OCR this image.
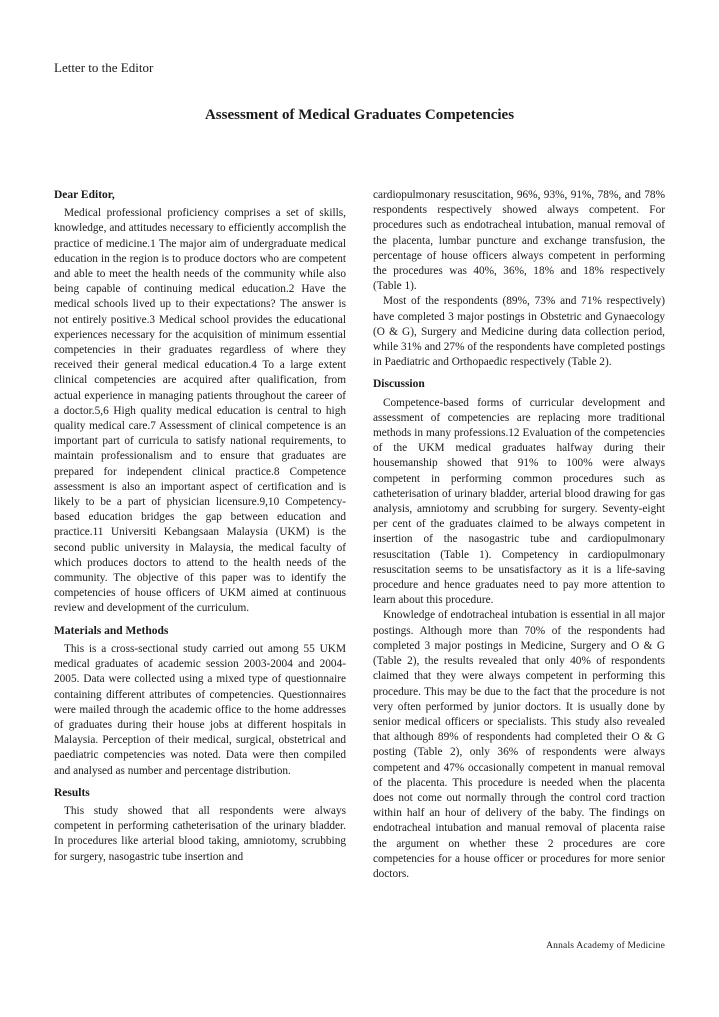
Letter to the Editor
Assessment of Medical Graduates Competencies
Dear Editor,

Medical professional proficiency comprises a set of skills, knowledge, and attitudes necessary to efficiently accomplish the practice of medicine.1 The major aim of undergraduate medical education in the region is to produce doctors who are competent and able to meet the health needs of the community while also being capable of continuing medical education.2 Have the medical schools lived up to their expectations? The answer is not entirely positive.3 Medical school provides the educational experiences necessary for the acquisition of minimum essential competencies in their graduates regardless of where they received their general medical education.4 To a large extent clinical competencies are acquired after qualification, from actual experience in managing patients throughout the career of a doctor.5,6 High quality medical education is central to high quality medical care.7 Assessment of clinical competence is an important part of curricula to satisfy national requirements, to maintain professionalism and to ensure that graduates are prepared for independent clinical practice.8 Competence assessment is also an important aspect of certification and is likely to be a part of physician licensure.9,10 Competency-based education bridges the gap between education and practice.11 Universiti Kebangsaan Malaysia (UKM) is the second public university in Malaysia, the medical faculty of which produces doctors to attend to the health needs of the community. The objective of this paper was to identify the competencies of house officers of UKM aimed at continuous review and development of the curriculum.

Materials and Methods

This is a cross-sectional study carried out among 55 UKM medical graduates of academic session 2003-2004 and 2004-2005. Data were collected using a mixed type of questionnaire containing different attributes of competencies. Questionnaires were mailed through the academic office to the home addresses of graduates during their house jobs at different hospitals in Malaysia. Perception of their medical, surgical, obstetrical and paediatric competencies was noted. Data were then compiled and analysed as number and percentage distribution.

Results

This study showed that all respondents were always competent in performing catheterisation of the urinary bladder. In procedures like arterial blood taking, amniotomy, scrubbing for surgery, nasogastric tube insertion and

cardiopulmonary resuscitation, 96%, 93%, 91%, 78%, and 78% respondents respectively showed always competent. For procedures such as endotracheal intubation, manual removal of the placenta, lumbar puncture and exchange transfusion, the percentage of house officers always competent in performing the procedures was 40%, 36%, 18% and 18% respectively (Table 1).

Most of the respondents (89%, 73% and 71% respectively) have completed 3 major postings in Obstetric and Gynaecology (O & G), Surgery and Medicine during data collection period, while 31% and 27% of the respondents have completed postings in Paediatric and Orthopaedic respectively (Table 2).

Discussion

Competence-based forms of curricular development and assessment of competencies are replacing more traditional methods in many professions.12 Evaluation of the competencies of the UKM medical graduates halfway during their housemanship showed that 91% to 100% were always competent in performing common procedures such as catheterisation of urinary bladder, arterial blood drawing for gas analysis, amniotomy and scrubbing for surgery. Seventy-eight per cent of the graduates claimed to be always competent in insertion of the nasogastric tube and cardiopulmonary resuscitation (Table 1). Competency in cardiopulmonary resuscitation seems to be unsatisfactory as it is a life-saving procedure and hence graduates need to pay more attention to learn about this procedure.

Knowledge of endotracheal intubation is essential in all major postings. Although more than 70% of the respondents had completed 3 major postings in Medicine, Surgery and O & G (Table 2), the results revealed that only 40% of respondents claimed that they were always competent in performing this procedure. This may be due to the fact that the procedure is not very often performed by junior doctors. It is usually done by senior medical officers or specialists. This study also revealed that although 89% of respondents had completed their O & G posting (Table 2), only 36% of respondents were always competent and 47% occasionally competent in manual removal of the placenta. This procedure is needed when the placenta does not come out normally through the control cord traction within half an hour of delivery of the baby. The findings on endotracheal intubation and manual removal of placenta raise the argument on whether these 2 procedures are core competencies for a house officer or procedures for more senior doctors.

Annals Academy of Medicine
